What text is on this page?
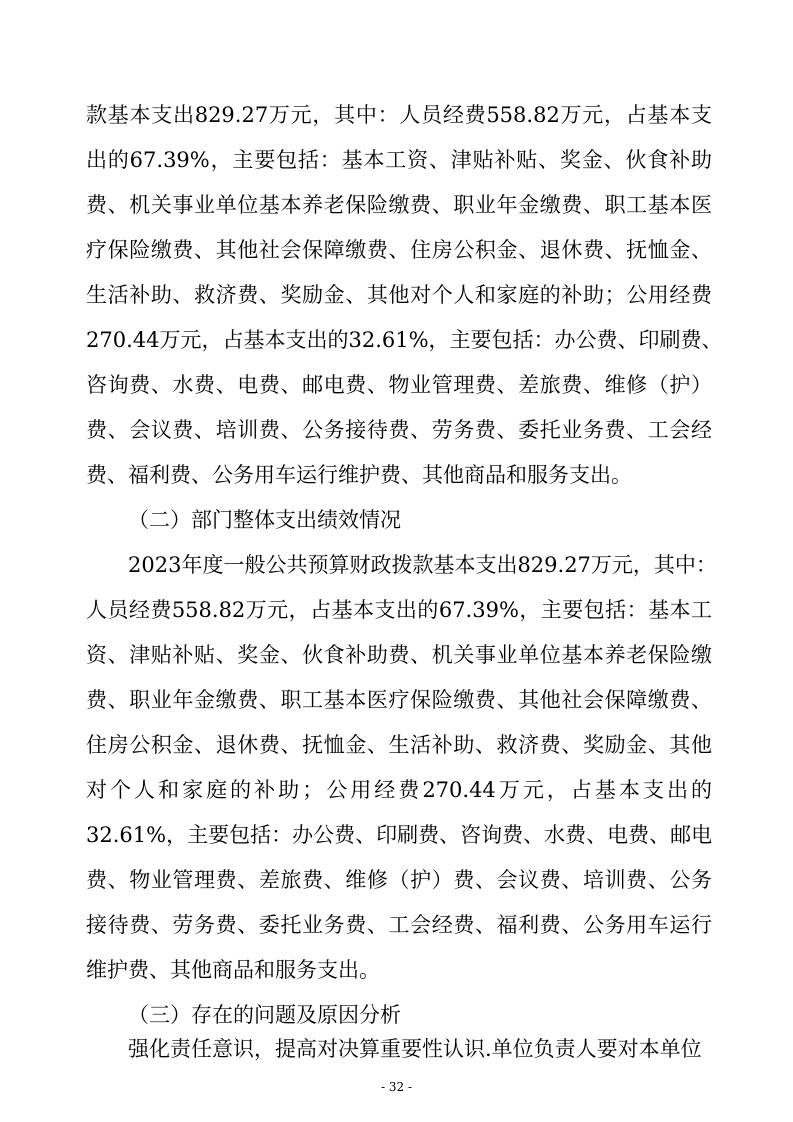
款基本支出829.27万元，其中：人员经费558.82万元，占基本支
出的67.39%，主要包括：基本工资、津贴补贴、奖金、伙食补助
费、机关事业单位基本养老保险缴费、职业年金缴费、职工基本医
疗保险缴费、其他社会保障缴费、住房公积金、退休费、抚恤金、
生活补助、救济费、奖励金、其他对个人和家庭的补助；公用经费
270.44万元，占基本支出的32.61%，主要包括：办公费、印刷费、
咨询费、水费、电费、邮电费、物业管理费、差旅费、维修（护）
费、会议费、培训费、公务接待费、劳务费、委托业务费、工会经
费、福利费、公务用车运行维护费、其他商品和服务支出。
（二）部门整体支出绩效情况
2023年度一般公共预算财政拨款基本支出829.27万元，其中：
人员经费558.82万元，占基本支出的67.39%，主要包括：基本工
资、津贴补贴、奖金、伙食补助费、机关事业单位基本养老保险缴
费、职业年金缴费、职工基本医疗保险缴费、其他社会保障缴费、
住房公积金、退休费、抚恤金、生活补助、救济费、奖励金、其他
对个人和家庭的补助；公用经费270.44万元，占基本支出的
32.61%，主要包括：办公费、印刷费、咨询费、水费、电费、邮电
费、物业管理费、差旅费、维修（护）费、会议费、培训费、公务
接待费、劳务费、委托业务费、工会经费、福利费、公务用车运行
维护费、其他商品和服务支出。
（三）存在的问题及原因分析
强化责任意识，提高对决算重要性认识.单位负责人要对本单位
- 32 -
